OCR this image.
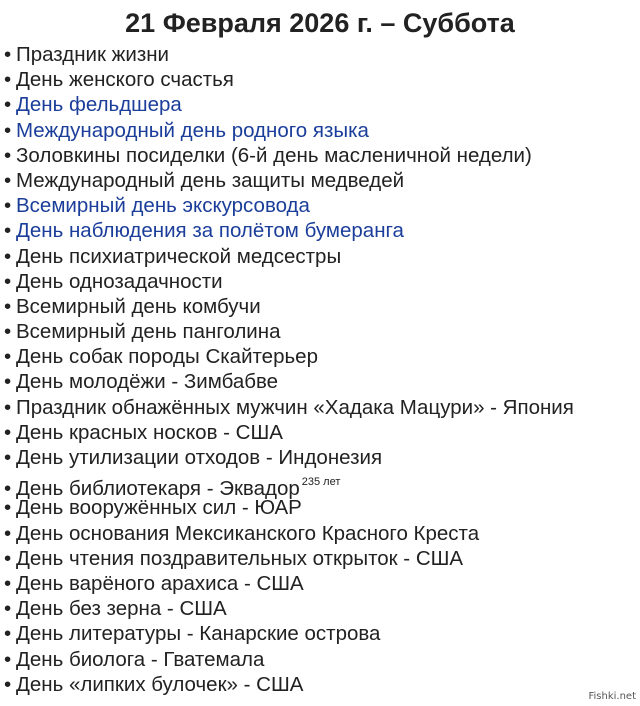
21 Февраля 2026 г. – Суббота
• Праздник жизни
• День женского счастья
• День фельдшера
• Международный день родного языка
• Золовкины посиделки (6-й день масленичной недели)
• Международный день защиты медведей
• Всемирный день экскурсовода
• День наблюдения за полётом бумеранга
• День психиатрической медсестры
• День однозадачности
• Всемирный день комбучи
• Всемирный день панголина
• День собак породы Скайтерьер
• День молодёжи - Зимбабве
• Праздник обнажённых мужчин «Хадака Мацури» - Япония
• День красных носков - США
• День утилизации отходов - Индонезия
• День библиотекаря - Эквадор $^{235 лет}$
• День вооружённых сил - ЮАР
• День основания Мексиканского Красного Креста
• День чтения поздравительных открыток - США
• День варёного арахиса - США
• День без зерна - США
• День литературы - Канарские острова
• День биолога - Гватемала
• День «липких булочек» - США
Fishki.net
